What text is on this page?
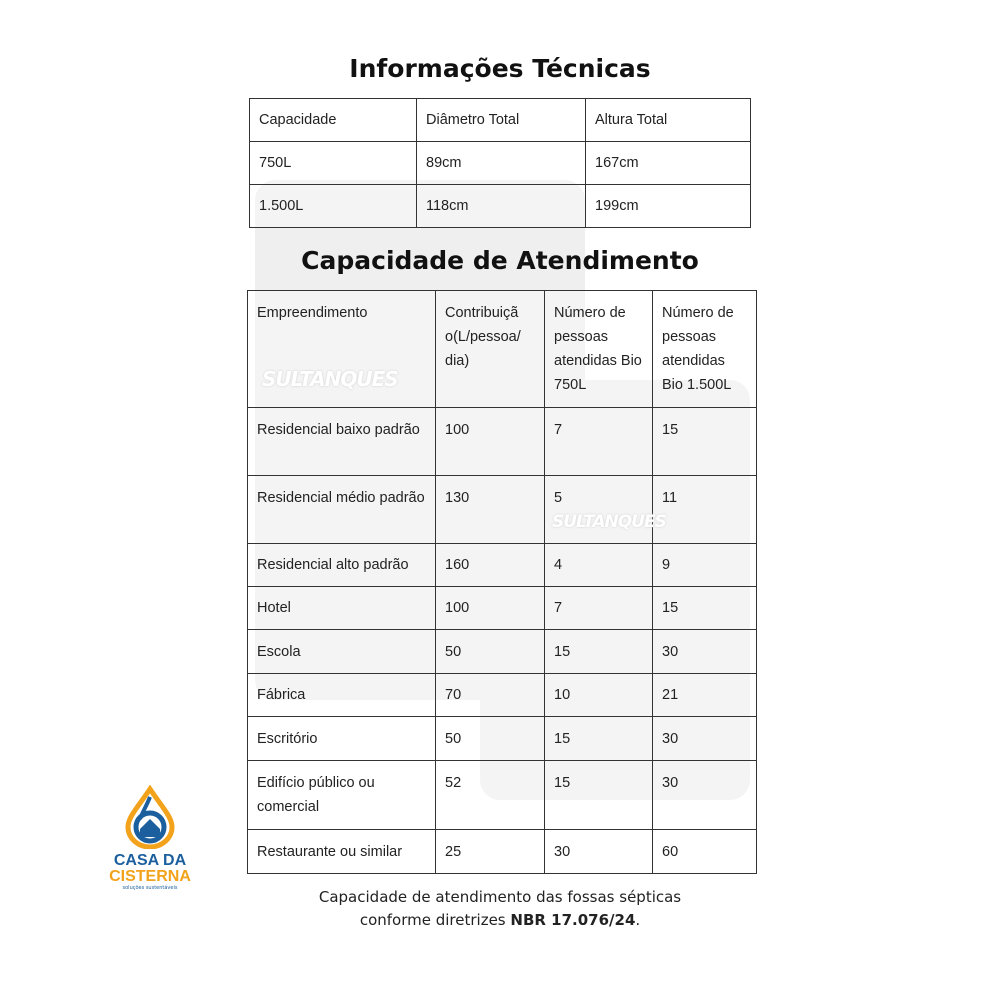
Informações Técnicas
Capacidade	Diâmetro Total	Altura Total
750L	89cm	167cm
1.500L	118cm	199cm
Capacidade de Atendimento
Empreendimento	Contribuiçã o(L/pessoa/ dia)	Número de pessoas atendidas Bio 750L	Número de pessoas atendidas Bio 1.500L
Residencial baixo padrão	100	7	15
Residencial médio padrão	130	5	11
Residencial alto padrão	160	4	9
Hotel	100	7	15
Escola	50	15	30
Fábrica	70	10	21
Escritório	50	15	30
Edifício público ou comercial	52	15	30
Restaurante ou similar	25	30	60
SULTANQUES
SULTANQUES
CASA DA
CISTERNA
soluções sustentáveis	Capacidade de atendimento das fossas sépticas
conforme diretrizes NBR 17.076/24.
